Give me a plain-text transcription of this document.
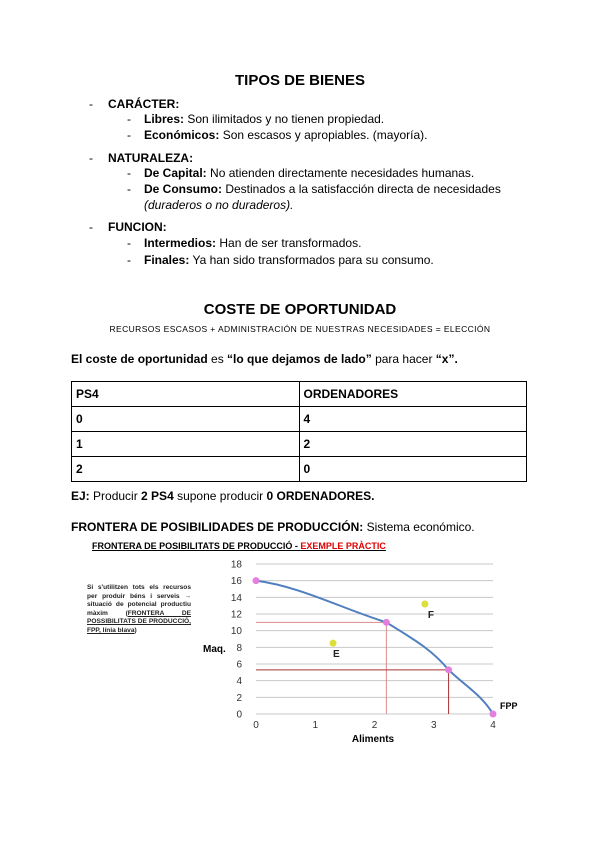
TIPOS DE BIENES
- CARÁCTER:
- Libres: Son ilimitados y no tienen propiedad.
- Económicos: Son escasos y apropiables. (mayoría).
- NATURALEZA:
- De Capital: No atienden directamente necesidades humanas.
- De Consumo: Destinados a la satisfacción directa de necesidades
(duraderos o no duraderos).
- FUNCION:
- Intermedios: Han de ser transformados.
- Finales: Ya han sido transformados para su consumo.
COSTE DE OPORTUNIDAD
RECURSOS ESCASOS + ADMINISTRACIÓN DE NUESTRAS NECESIDADES = ELECCIÓN
El coste de oportunidad es “lo que dejamos de lado” para hacer “x”.
PS4	ORDENADORES
0	4
1	2
2	0
EJ: Producir 2 PS4 supone producir 0 ORDENADORES.
FRONTERA DE POSIBILIDADES DE PRODUCCIÓN: Sistema económico.
FRONTERA DE POSIBILITATS DE PRODUCCIÓ - EXEMPLE PRÀCTIC
Si s'utilitzen tots els recursos per produir béns i serveis → situació de potencial productiu màxim (FRONTERA DE POSSIBILITATS DE PRODUCCIÓ, FPP, línia blava)
E
F
0
2
4
6
8
10
12
14
16
18
0	1	2	3	4
Maq.
Aliments
FPP
